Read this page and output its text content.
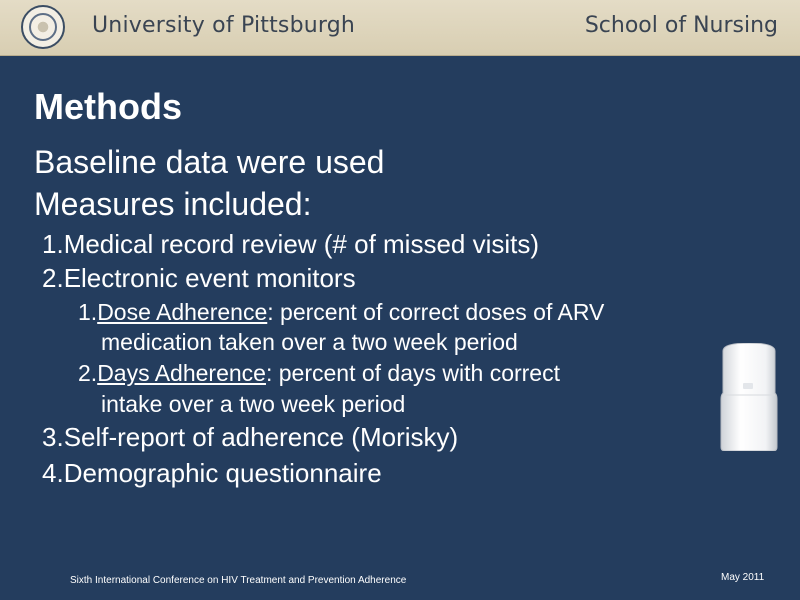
University of Pittsburgh	School of Nursing
Methods
Baseline data were used
Measures included:
1.Medical record review (# of missed visits)
2.Electronic event monitors
1.Dose Adherence: percent of correct doses of ARV
medication taken over a two week period
2.Days Adherence: percent of days with correct
intake over a two week period
3.Self-report of adherence (Morisky)
4.Demographic questionnaire
Sixth International Conference on HIV Treatment and Prevention Adherence	May 2011
